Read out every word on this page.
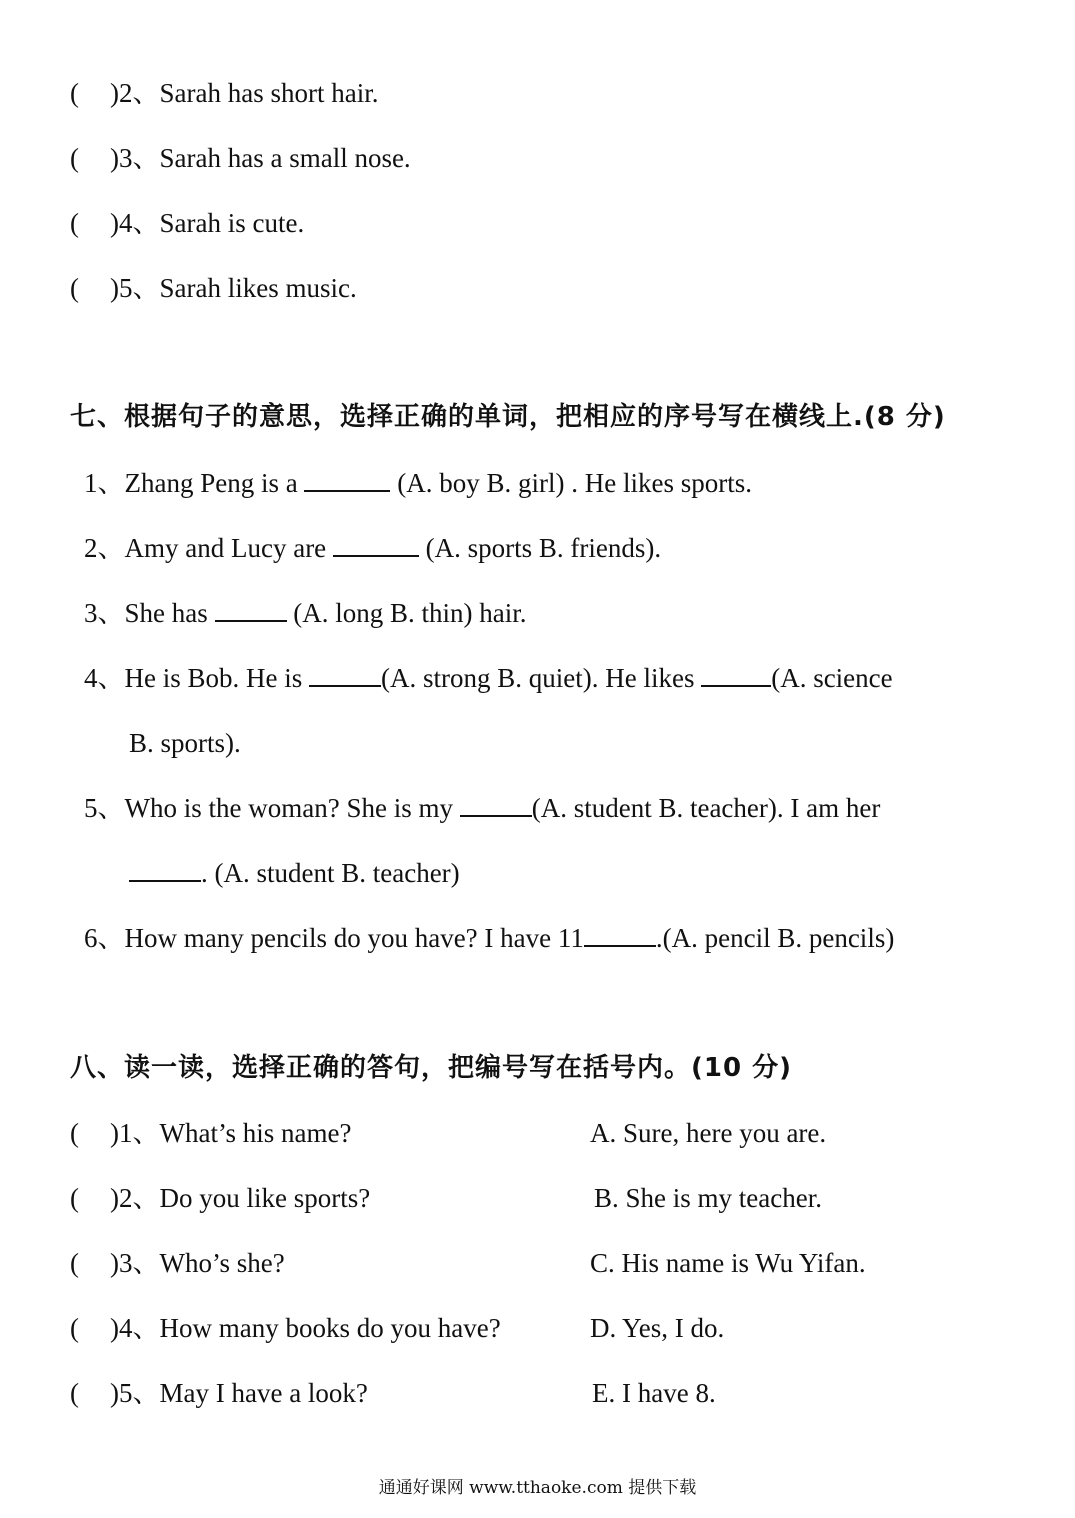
( )2、Sarah has short hair.
( )3、Sarah has a small nose.
( )4、Sarah is cute.
( )5、Sarah likes music.
七、根据句子的意思，选择正确的单词，把相应的序号写在横线上.(8 分)
1、Zhang Peng is a	(A. boy B. girl) . He likes sports.
2、Amy and Lucy are	(A. sports B. friends).
3、She has	(A. long B. thin) hair.
4、He is Bob. He is	(A. strong B. quiet). He likes	(A. science
B. sports).
5、Who is the woman? She is my	(A. student B. teacher). I am her
. (A. student B. teacher)
6、How many pencils do you have? I have 11	.(A. pencil B. pencils)
八、读一读，选择正确的答句，把编号写在括号内。(10 分)
( )1、What’s his name?	A. Sure, here you are.
( )2、Do you like sports?	B. She is my teacher.
( )3、Who’s she?	C. His name is Wu Yifan.
( )4、How many books do you have?	D. Yes, I do.
( )5、May I have a look?	E. I have 8.
通通好课网 www.tthaoke.com 提供下载
